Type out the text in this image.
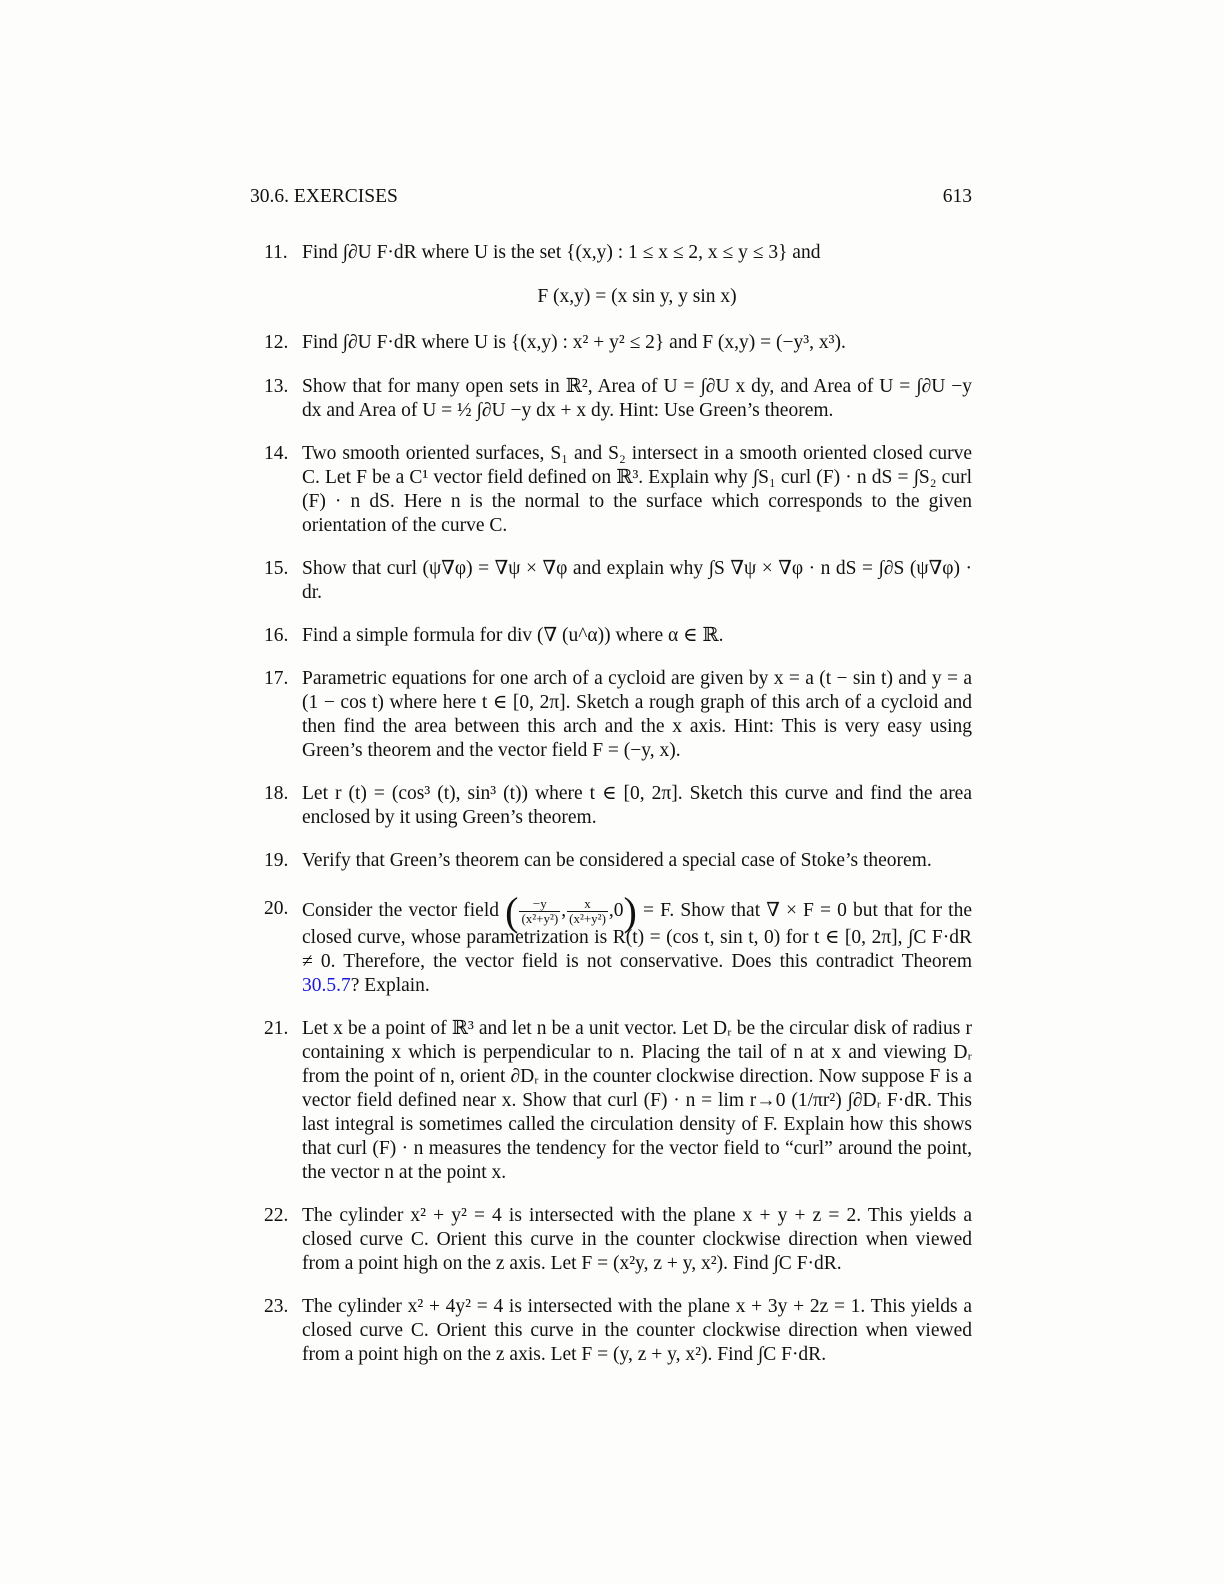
30.6. EXERCISES	613
11. Find ∫∂U F·dR where U is the set {(x,y) : 1 ≤ x ≤ 2, x ≤ y ≤ 3} and
F (x,y) = (x sin y, y sin x)
12. Find ∫∂U F·dR where U is {(x,y) : x² + y² ≤ 2} and F (x,y) = (−y³, x³).
13. Show that for many open sets in ℝ², Area of U = ∫∂U x dy, and Area of U = ∫∂U −y dx and Area of U = ½ ∫∂U −y dx + x dy. Hint: Use Green’s theorem.
14. Two smooth oriented surfaces, S₁ and S₂ intersect in a smooth oriented closed curve C. Let F be a C¹ vector field defined on ℝ³. Explain why ∫S₁ curl (F) · n dS = ∫S₂ curl (F) · n dS. Here n is the normal to the surface which corresponds to the given orientation of the curve C.
15. Show that curl (ψ∇φ) = ∇ψ × ∇φ and explain why ∫S ∇ψ × ∇φ · n dS = ∫∂S (ψ∇φ) · dr.
16. Find a simple formula for div (∇ (u^α)) where α ∈ ℝ.
17. Parametric equations for one arch of a cycloid are given by x = a (t − sin t) and y = a (1 − cos t) where here t ∈ [0, 2π]. Sketch a rough graph of this arch of a cycloid and then find the area between this arch and the x axis. Hint: This is very easy using Green’s theorem and the vector field F = (−y, x).
18. Let r (t) = (cos³ (t), sin³ (t)) where t ∈ [0, 2π]. Sketch this curve and find the area enclosed by it using Green’s theorem.
19. Verify that Green’s theorem can be considered a special case of Stoke’s theorem.
20. Consider the vector field ( $\frac{-y}{\text{(x²+y²)}}$ , $\frac{x}{\text{(x²+y²)}} ,0) = F$. Show that ∇ × F = 0 but that for the closed curve, whose parametrization is R(t) = (cos t, sin t, 0) for t ∈ [0, 2π], ∫C F·dR ≠ 0. Therefore, the vector field is not conservative. Does this contradict Theorem 30.5.7? Explain.
21. Let x be a point of ℝ³ and let n be a unit vector. Let Dᵣ be the circular disk of radius r containing x which is perpendicular to n. Placing the tail of n at x and viewing Dᵣ from the point of n, orient ∂Dᵣ in the counter clockwise direction. Now suppose F is a vector field defined near x. Show that curl (F) · n = lim r→0 (1/πr²) ∫∂Dᵣ F·dR. This last integral is sometimes called the circulation density of F. Explain how this shows that curl (F) · n measures the tendency for the vector field to “curl” around the point, the vector n at the point x.
22. The cylinder x² + y² = 4 is intersected with the plane x + y + z = 2. This yields a closed curve C. Orient this curve in the counter clockwise direction when viewed from a point high on the z axis. Let F = (x²y, z + y, x²). Find ∫C F·dR.
23. The cylinder x² + 4y² = 4 is intersected with the plane x + 3y + 2z = 1. This yields a closed curve C. Orient this curve in the counter clockwise direction when viewed from a point high on the z axis. Let F = (y, z + y, x²). Find ∫C F·dR.
